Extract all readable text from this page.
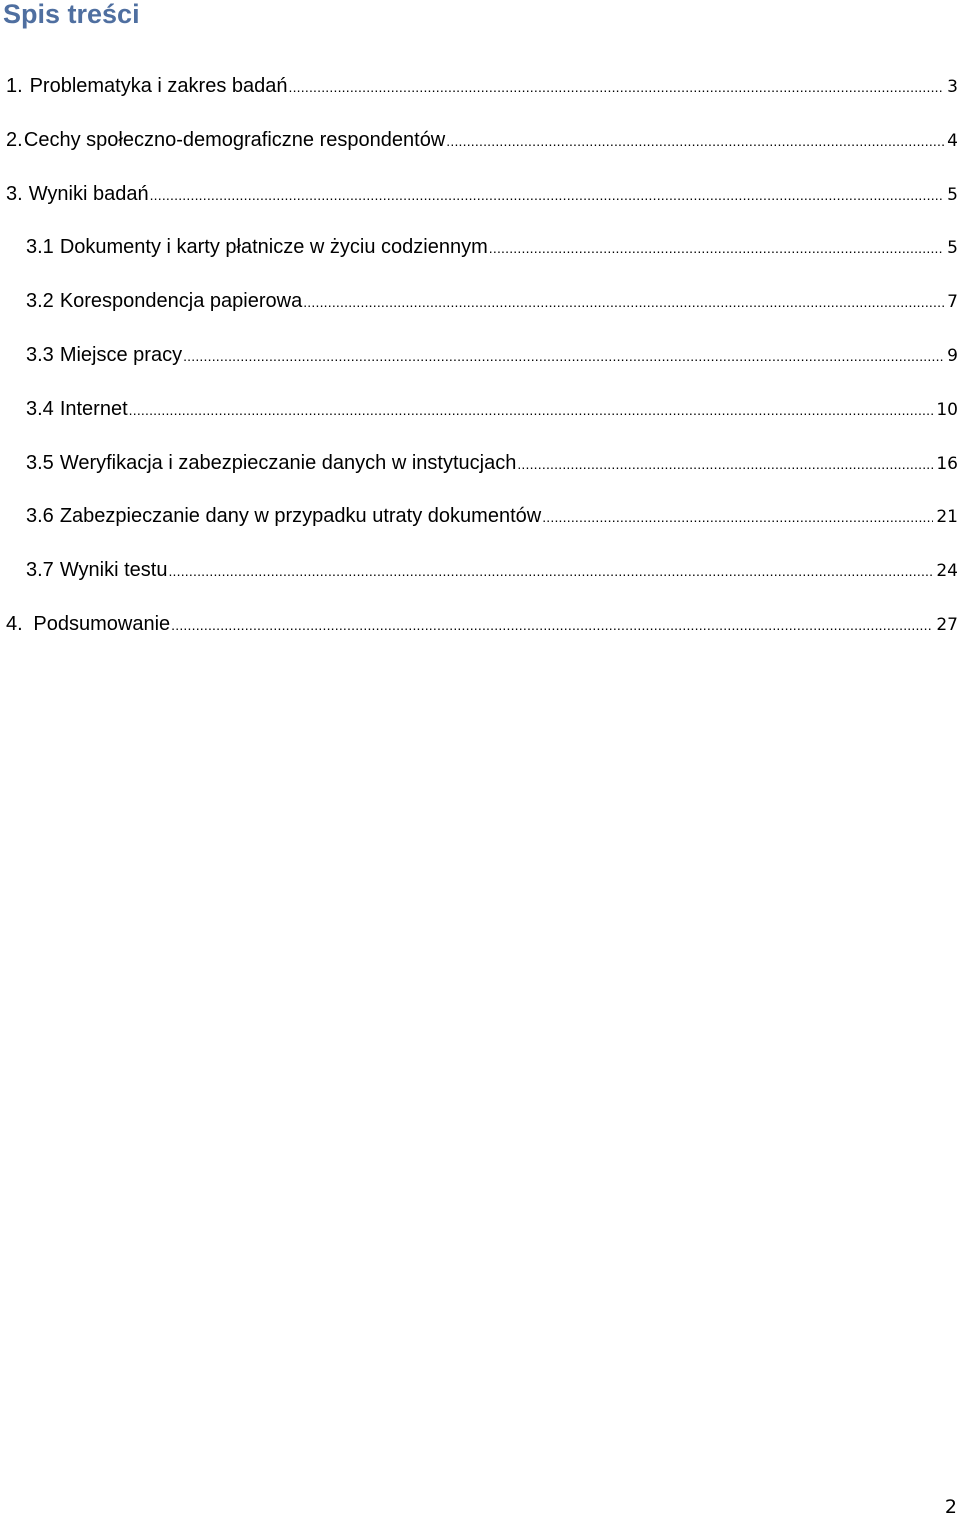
Spis treści
1. Problematyka i zakres badań .....	3
2. Cechy społeczno-demograficzne respondentów .....	4
3. Wyniki badań .....	5
3.1 Dokumenty i karty płatnicze w życiu codziennym .....	5
3.2 Korespondencja papierowa .....	7
3.3 Miejsce pracy .....	9
3.4 Internet .....	10
3.5 Weryfikacja i zabezpieczanie danych w instytucjach .....	16
3.6 Zabezpieczanie dany w przypadku utraty dokumentów .....	21
3.7 Wyniki testu .....	24
4. Podsumowanie .....	27
2
